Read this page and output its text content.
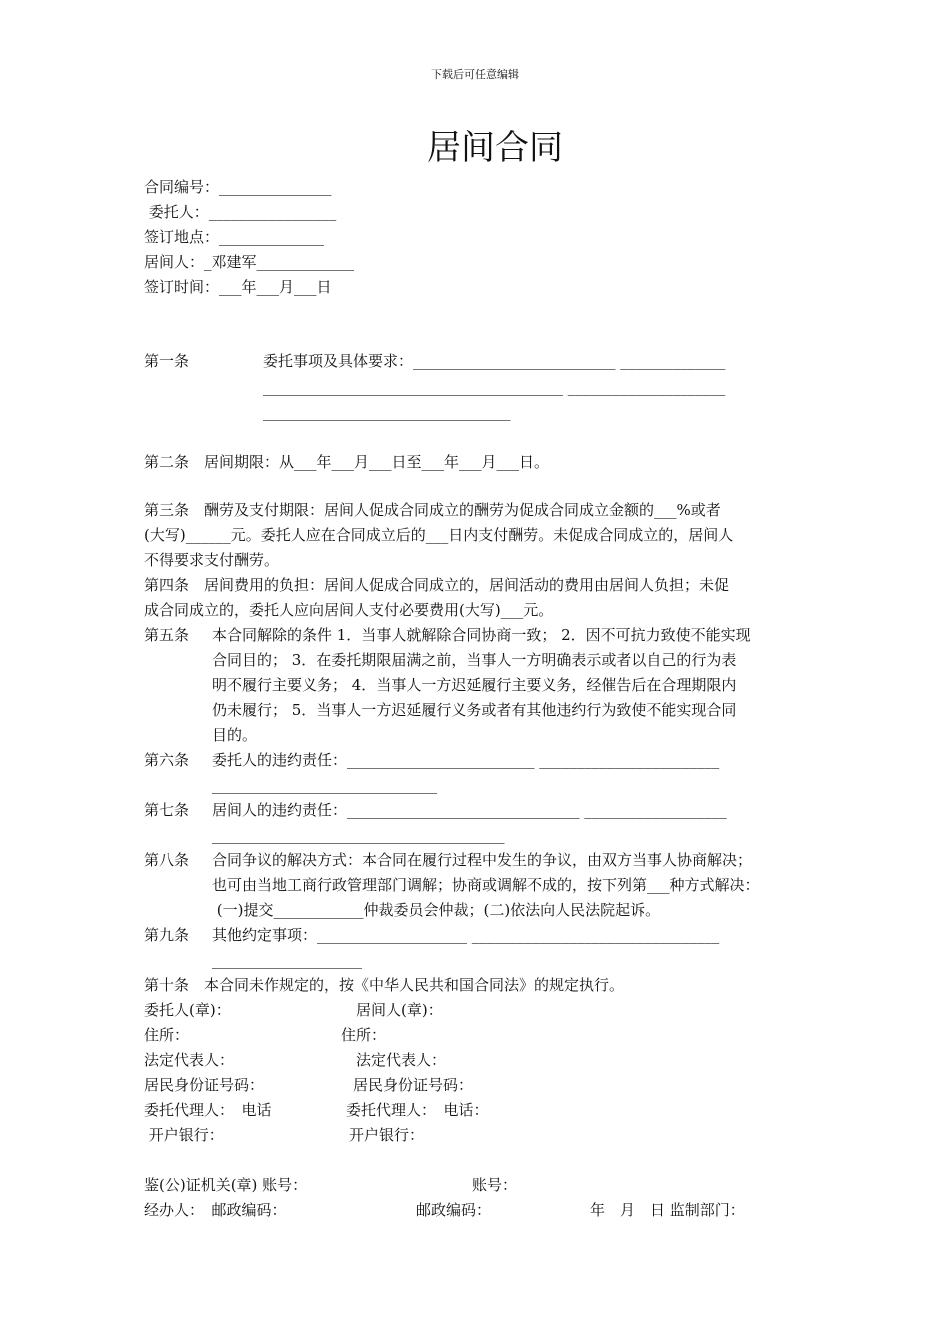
下载后可任意编辑
居间合同
合同编号：_______________
委托人：_________________
签订地点：______________
居间人：_邓建军_____________
签订时间：___年___月___日
第一条	委托事项及具体要求：___________________________ ______________
________________________________________ _____________________
_________________________________
第二条　居间期限：从___年___月___日至___年___月___日。
第三条　酬劳及支付期限：居间人促成合同成立的酬劳为促成合同成立金额的___%或者
(大写)______元。委托人应在合同成立后的___日内支付酬劳。未促成合同成立的，居间人
不得要求支付酬劳。
第四条　居间费用的负担：居间人促成合同成立的，居间活动的费用由居间人负担；未促
成合同成立的，委托人应向居间人支付必要费用(大写)___元。
第五条 本合同解除的条件 1．当事人就解除合同协商一致； 2．因不可抗力致使不能实现
合同目的； 3．在委托期限届满之前，当事人一方明确表示或者以自己的行为表
明不履行主要义务； 4．当事人一方迟延履行主要义务，经催告后在合理期限内
仍未履行； 5．当事人一方迟延履行义务或者有其他违约行为致使不能实现合同
目的。
第六条 委托人的违约责任：_________________________ ________________________
______________________________
第七条 居间人的违约责任：_______________________________ ___________________
_______________________________________
第八条 合同争议的解决方式：本合同在履行过程中发生的争议，由双方当事人协商解决；
也可由当地工商行政管理部门调解；协商或调解不成的，按下列第___种方式解决：
(一)提交____________仲裁委员会仲裁；(二)依法向人民法院起诉。
第九条 其他约定事项：____________________ _________________________________
____________________
第十条　本合同未作规定的，按《中华人民共和国合同法》的规定执行。
委托人(章)：	居间人(章)：
住所：	住所：
法定代表人：	法定代表人：
居民身份证号码：	居民身份证号码：
委托代理人：　电话	委托代理人：　电话：
开户银行：	开户银行：
鉴(公)证机关(章) 账号：	账号：
经办人：　邮政编码：	邮政编码：	年　月　日 监制部门：
